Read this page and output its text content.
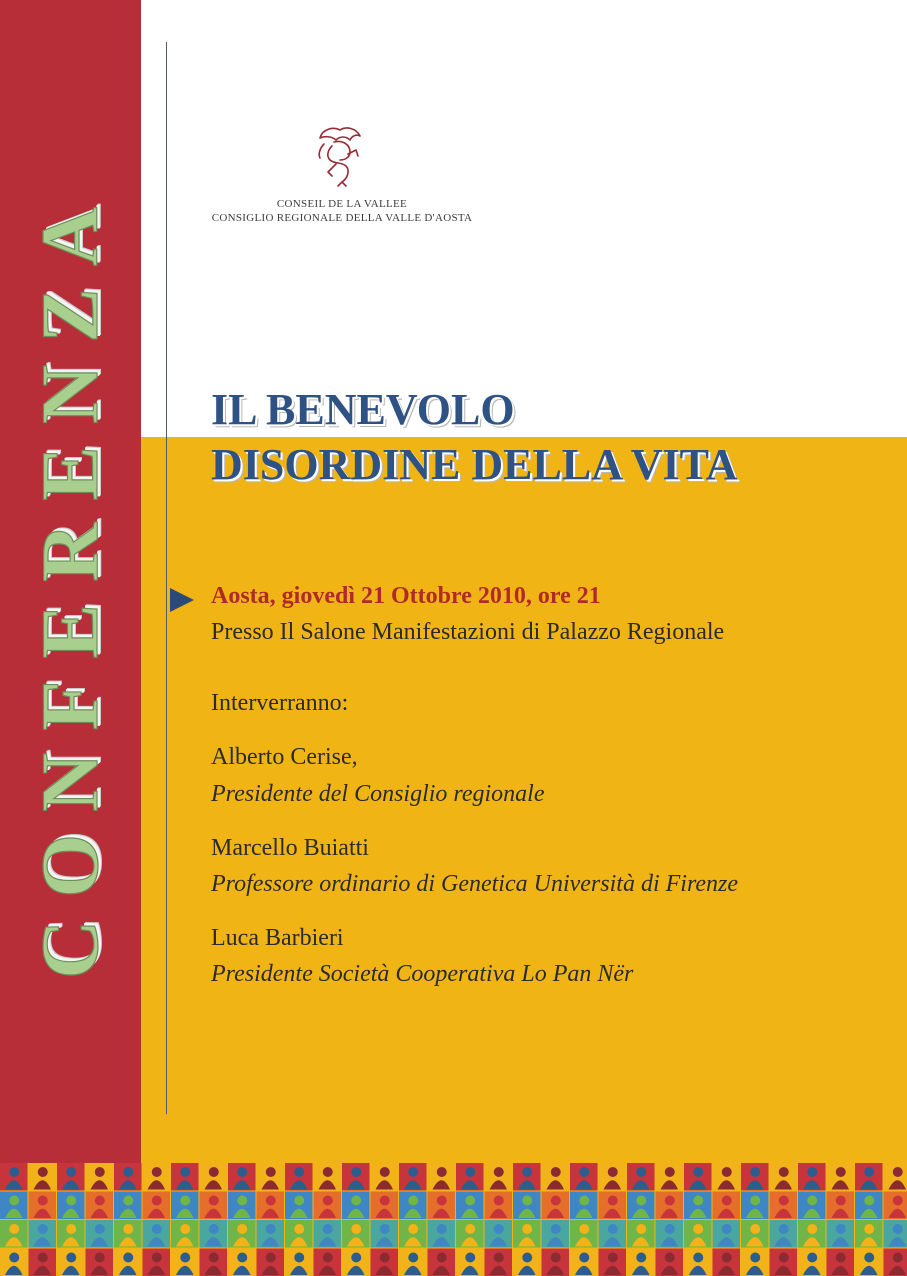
CONFERENZA	CONSEIL DE LA VALLEE
CONSIGLIO REGIONALE DELLA VALLE D'AOSTA
IL BENEVOLO
DISORDINE DELLA VITA
Aosta, giovedì 21 Ottobre 2010, ore 21
Presso Il Salone Manifestazioni di Palazzo Regionale
Interverranno:
Alberto Cerise,
Presidente del Consiglio regionale
Marcello Buiatti
Professore ordinario di Genetica Università di Firenze
Luca Barbieri
Presidente Società Cooperativa Lo Pan Nër
